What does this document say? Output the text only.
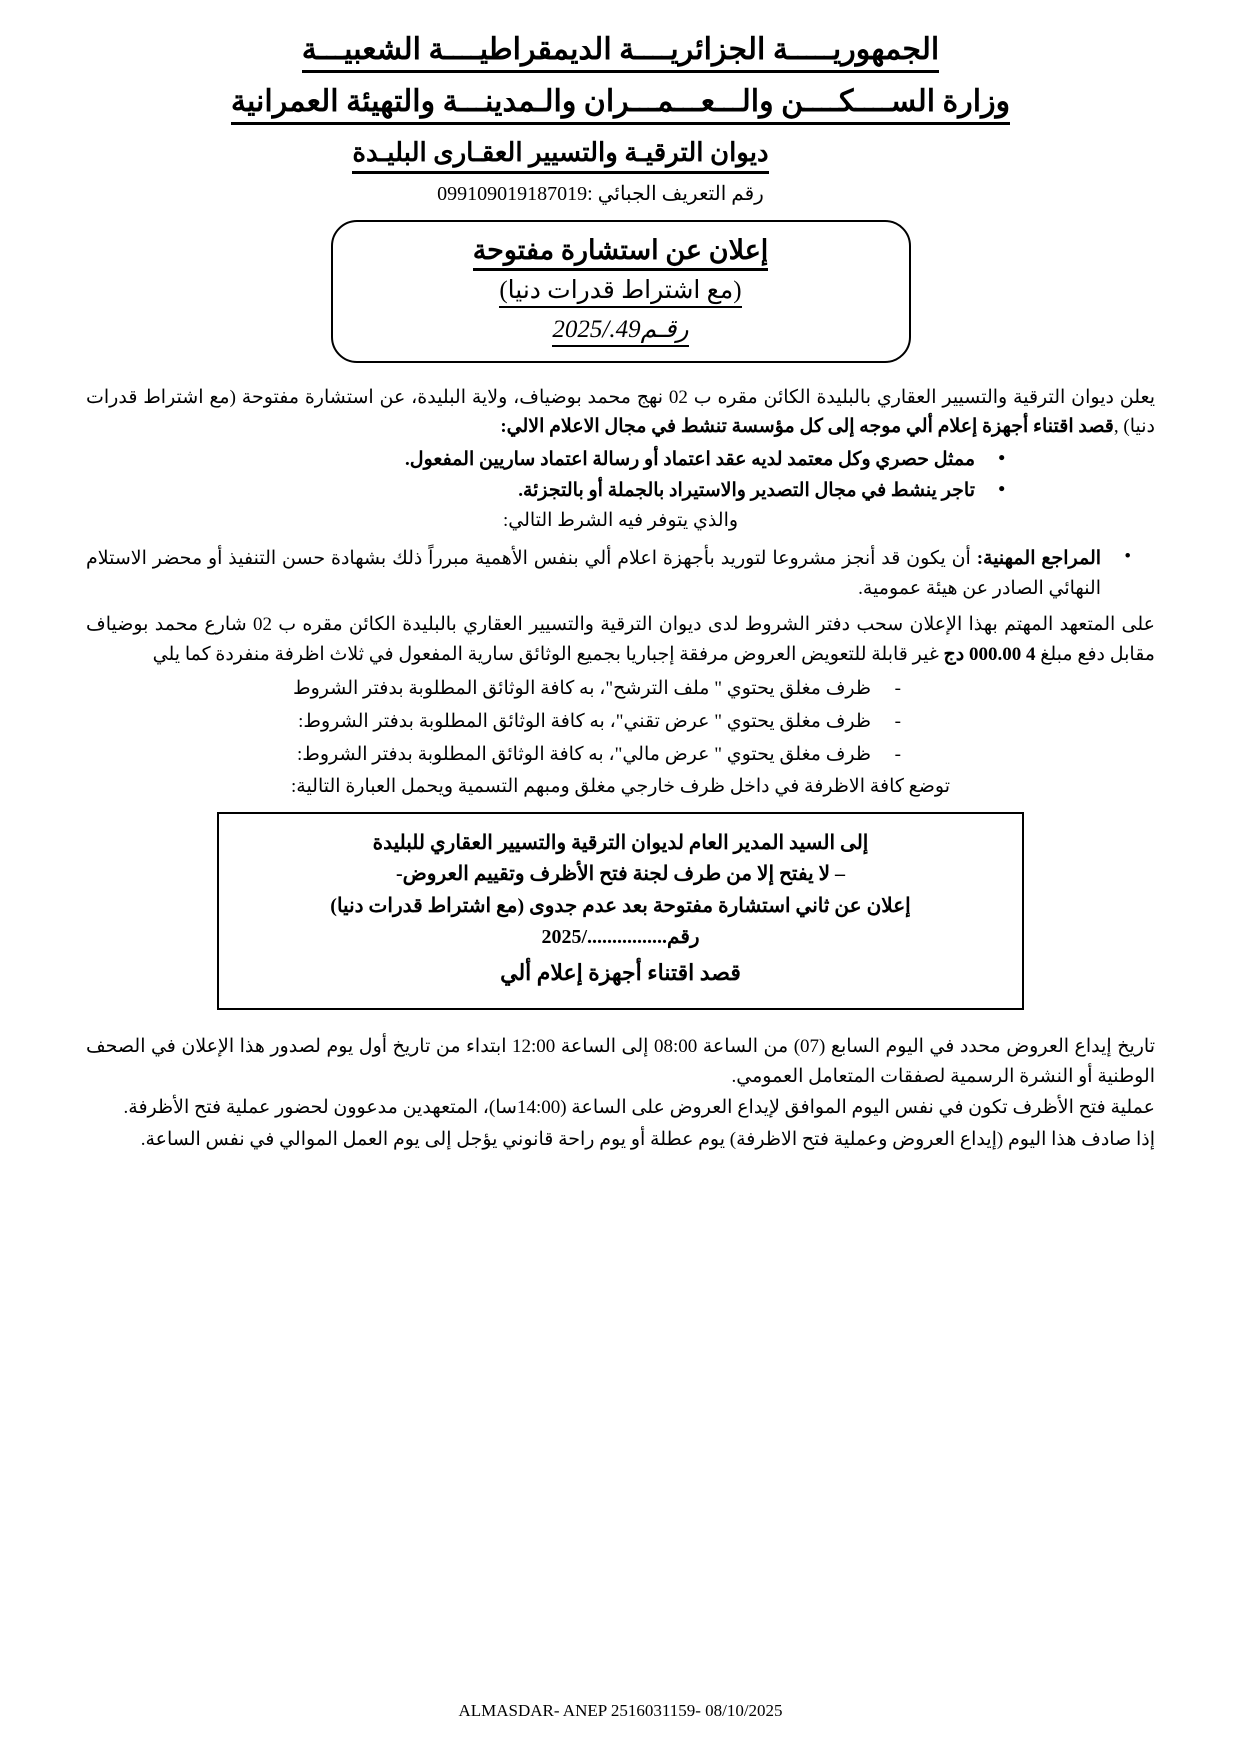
الجمهوريـــــة الجزائريــــة الديمقراطيــــة الشعبيـــة
وزارة الســــكــــن والـــعـــمـــران والـمدينـــة والتهيئة العمرانية
ديوان الترقيـة والتسيير العقـارى البليـدة
رقم التعريف الجبائي :099109019187019
إعلان عن استشارة مفتوحة
(مع اشتراط قدرات دنيا)
رقـم49./2025

يعلن ديوان الترقية والتسيير العقاري بالبليدة الكائن مقره ب 02 نهج محمد بوضياف، ولاية البليدة، عن استشارة مفتوحة (مع اشتراط قدرات دنيا) ,قصد اقتناء أجهزة إعلام ألي موجه إلى كل مؤسسة تنشط في مجال الاعلام الالي:

• ممثل حصري وكل معتمد لديه عقد اعتماد أو رسالة اعتماد ساريين المفعول.
• تاجر ينشط في مجال التصدير والاستيراد بالجملة أو بالتجزئة.
والذي يتوفر فيه الشرط التالي:
• المراجع المهنية: أن يكون قد أنجز مشروعا لتوريد بأجهزة اعلام ألي بنفس الأهمية مبرراً ذلك بشهادة حسن التنفيذ أو محضر الاستلام النهائي الصادر عن هيئة عمومية.

على المتعهد المهتم بهذا الإعلان سحب دفتر الشروط لدى ديوان الترقية والتسيير العقاري بالبليدة الكائن مقره ب 02 شارع محمد بوضياف مقابل دفع مبلغ 4 000.00 دج غير قابلة للتعويض العروض مرفقة إجباريا بجميع الوثائق سارية المفعول في ثلاث اظرفة منفردة كما يلي

- ظرف مغلق يحتوي " ملف الترشح"، به كافة الوثائق المطلوبة بدفتر الشروط
- ظرف مغلق يحتوي " عرض تقني"، به كافة الوثائق المطلوبة بدفتر الشروط:
- ظرف مغلق يحتوي " عرض مالي"، به كافة الوثائق المطلوبة بدفتر الشروط:
توضع كافة الاظرفة في داخل ظرف خارجي مغلق ومبهم التسمية ويحمل العبارة التالية:
إلى السيد المدير العام لديوان الترقية والتسيير العقاري للبليدة
– لا يفتح إلا من طرف لجنة فتح الأظرف وتقييم العروض-
إعلان عن ثاني استشارة مفتوحة بعد عدم جدوى (مع اشتراط قدرات دنيا)
رقم................/2025
قصد اقتناء أجهزة إعلام ألي

تاريخ إيداع العروض محدد في اليوم السابع (07) من الساعة 08:00 إلى الساعة 12:00 ابتداء من تاريخ أول يوم لصدور هذا الإعلان في الصحف الوطنية أو النشرة الرسمية لصفقات المتعامل العمومي.

عملية فتح الأظرف تكون في نفس اليوم الموافق لإيداع العروض على الساعة (14:00سا)، المتعهدين مدعوون لحضور عملية فتح الأظرفة.

إذا صادف هذا اليوم (إيداع العروض وعملية فتح الاظرفة) يوم عطلة أو يوم راحة قانوني يؤجل إلى يوم العمل الموالي في نفس الساعة.

ALMASDAR- ANEP 2516031159- 08/10/2025
